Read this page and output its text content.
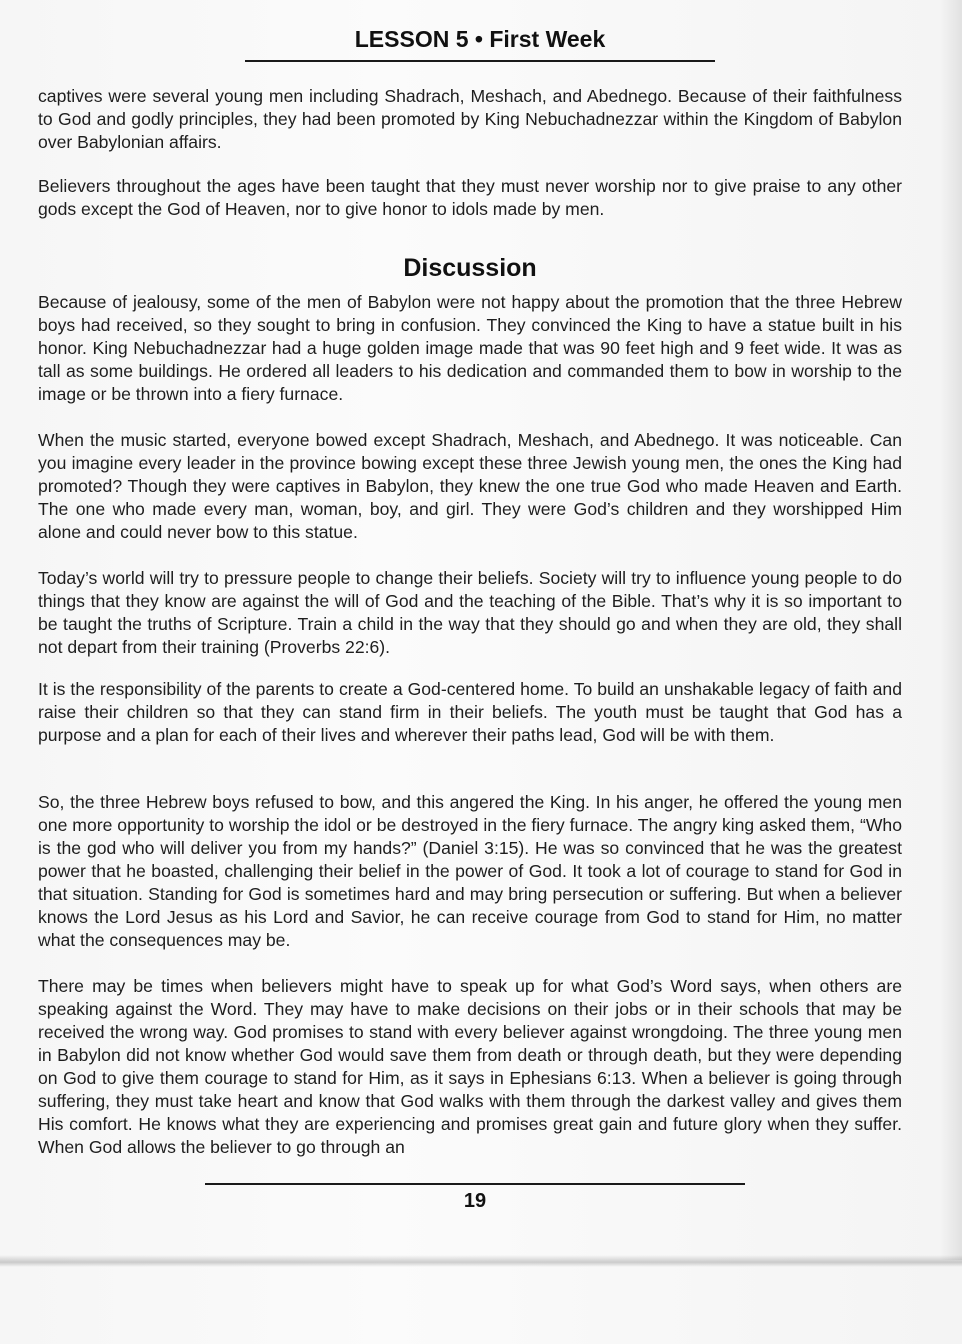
LESSON 5 • First Week

captives were several young men including Shadrach, Meshach, and Abednego. Because of their faithfulness to God and godly principles, they had been promoted by King Nebuchadnezzar within the Kingdom of Babylon over Babylonian affairs.

Believers throughout the ages have been taught that they must never worship nor to give praise to any other gods except the God of Heaven, nor to give honor to idols made by men.

Discussion

Because of jealousy, some of the men of Babylon were not happy about the promotion that the three Hebrew boys had received, so they sought to bring in confusion. They convinced the King to have a statue built in his honor. King Nebuchadnezzar had a huge golden image made that was 90 feet high and 9 feet wide. It was as tall as some buildings. He ordered all leaders to his dedication and commanded them to bow in worship to the image or be thrown into a fiery furnace.

When the music started, everyone bowed except Shadrach, Meshach, and Abednego. It was noticeable. Can you imagine every leader in the province bowing except these three Jewish young men, the ones the King had promoted? Though they were captives in Babylon, they knew the one true God who made Heaven and Earth. The one who made every man, woman, boy, and girl. They were God’s children and they worshipped Him alone and could never bow to this statue.

Today’s world will try to pressure people to change their beliefs. Society will try to influence young people to do things that they know are against the will of God and the teaching of the Bible. That’s why it is so important to be taught the truths of Scripture. Train a child in the way that they should go and when they are old, they shall not depart from their training (Proverbs 22:6).

It is the responsibility of the parents to create a God-centered home. To build an unshakable legacy of faith and raise their children so that they can stand firm in their beliefs. The youth must be taught that God has a purpose and a plan for each of their lives and wherever their paths lead, God will be with them.

So, the three Hebrew boys refused to bow, and this angered the King. In his anger, he offered the young men one more opportunity to worship the idol or be destroyed in the fiery furnace. The angry king asked them, “Who is the god who will deliver you from my hands?” (Daniel 3:15). He was so convinced that he was the greatest power that he boasted, challenging their belief in the power of God. It took a lot of courage to stand for God in that situation. Standing for God is sometimes hard and may bring persecution or suffering. But when a believer knows the Lord Jesus as his Lord and Savior, he can receive courage from God to stand for Him, no matter what the consequences may be.

There may be times when believers might have to speak up for what God’s Word says, when others are speaking against the Word. They may have to make decisions on their jobs or in their schools that may be received the wrong way. God promises to stand with every believer against wrongdoing. The three young men in Babylon did not know whether God would save them from death or through death, but they were depending on God to give them courage to stand for Him, as it says in Ephesians 6:13. When a believer is going through suffering, they must take heart and know that God walks with them through the darkest valley and gives them His comfort. He knows what they are experiencing and promises great gain and future glory when they suffer. When God allows the believer to go through an

19
